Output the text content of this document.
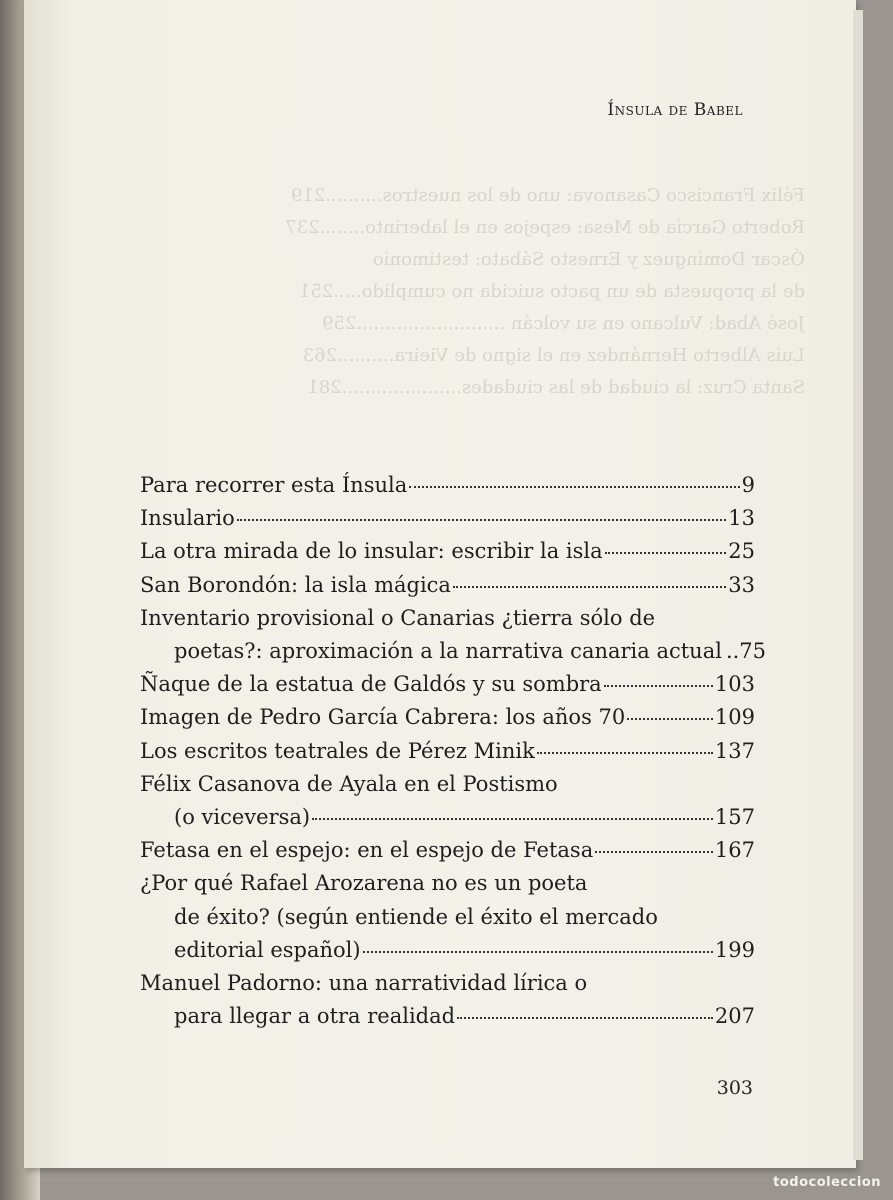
Ínsula de Babel
Félix Francisco Casanova: uno de los nuestros..........219
Roberto García de Mesa: espejos en el laberinto........237
Óscar Domínguez y Ernesto Sábato: testimonio
de la propuesta de un pacto suicida no cumplido.....251
José Abad: Vulcano en su volcán ..........................259
Luis Alberto Hernández en el signo de Vieira..........263
Santa Cruz: la ciudad de las ciudades.....................281
Para recorrer esta Ínsula	9
Insulario	13
La otra mirada de lo insular: escribir la isla	25
San Borondón: la isla mágica	33
Inventario provisional o Canarias ¿tierra sólo de
poetas?: aproximación a la narrativa canaria actual ..75
Ñaque de la estatua de Galdós y su sombra	103
Imagen de Pedro García Cabrera: los años 70	109
Los escritos teatrales de Pérez Minik	137
Félix Casanova de Ayala en el Postismo
(o viceversa)	157
Fetasa en el espejo: en el espejo de Fetasa	167
¿Por qué Rafael Arozarena no es un poeta
de éxito? (según entiende el éxito el mercado
editorial español)	199
Manuel Padorno: una narratividad lírica o
para llegar a otra realidad	207
303
todocoleccion
